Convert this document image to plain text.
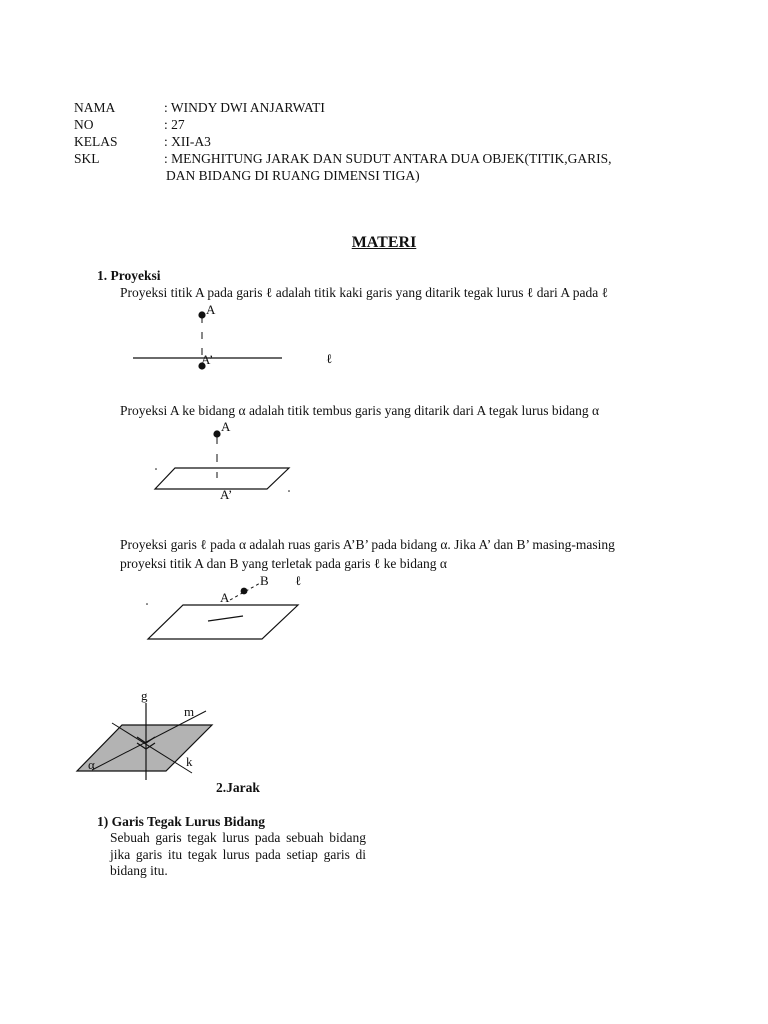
NAMA	: WINDY DWI ANJARWATI
NO	: 27
KELAS	: XII-A3
SKL	: MENGHITUNG JARAK DAN SUDUT ANTARA DUA OBJEK(TITIK,GARIS,
DAN BIDANG DI RUANG DIMENSI TIGA)
MATERI
1. Proyeksi
Proyeksi titik A pada garis ℓ adalah titik kaki garis yang ditarik tegak lurus ℓ dari A pada ℓ
Proyeksi A ke bidang α adalah titik tembus garis yang ditarik dari A tegak lurus bidang α
Proyeksi garis ℓ pada α adalah ruas garis A’B’ pada bidang α. Jika A’ dan B’ masing-masing
proyeksi titik A dan B yang terletak pada garis ℓ ke bidang α
A
A’	ℓ
A
A’
A
B ℓ
g
m
k
α
2.Jarak
1) Garis Tegak Lurus Bidang
Sebuah garis tegak lurus pada sebuah bidang jika garis itu tegak lurus pada setiap garis di bidang itu.
